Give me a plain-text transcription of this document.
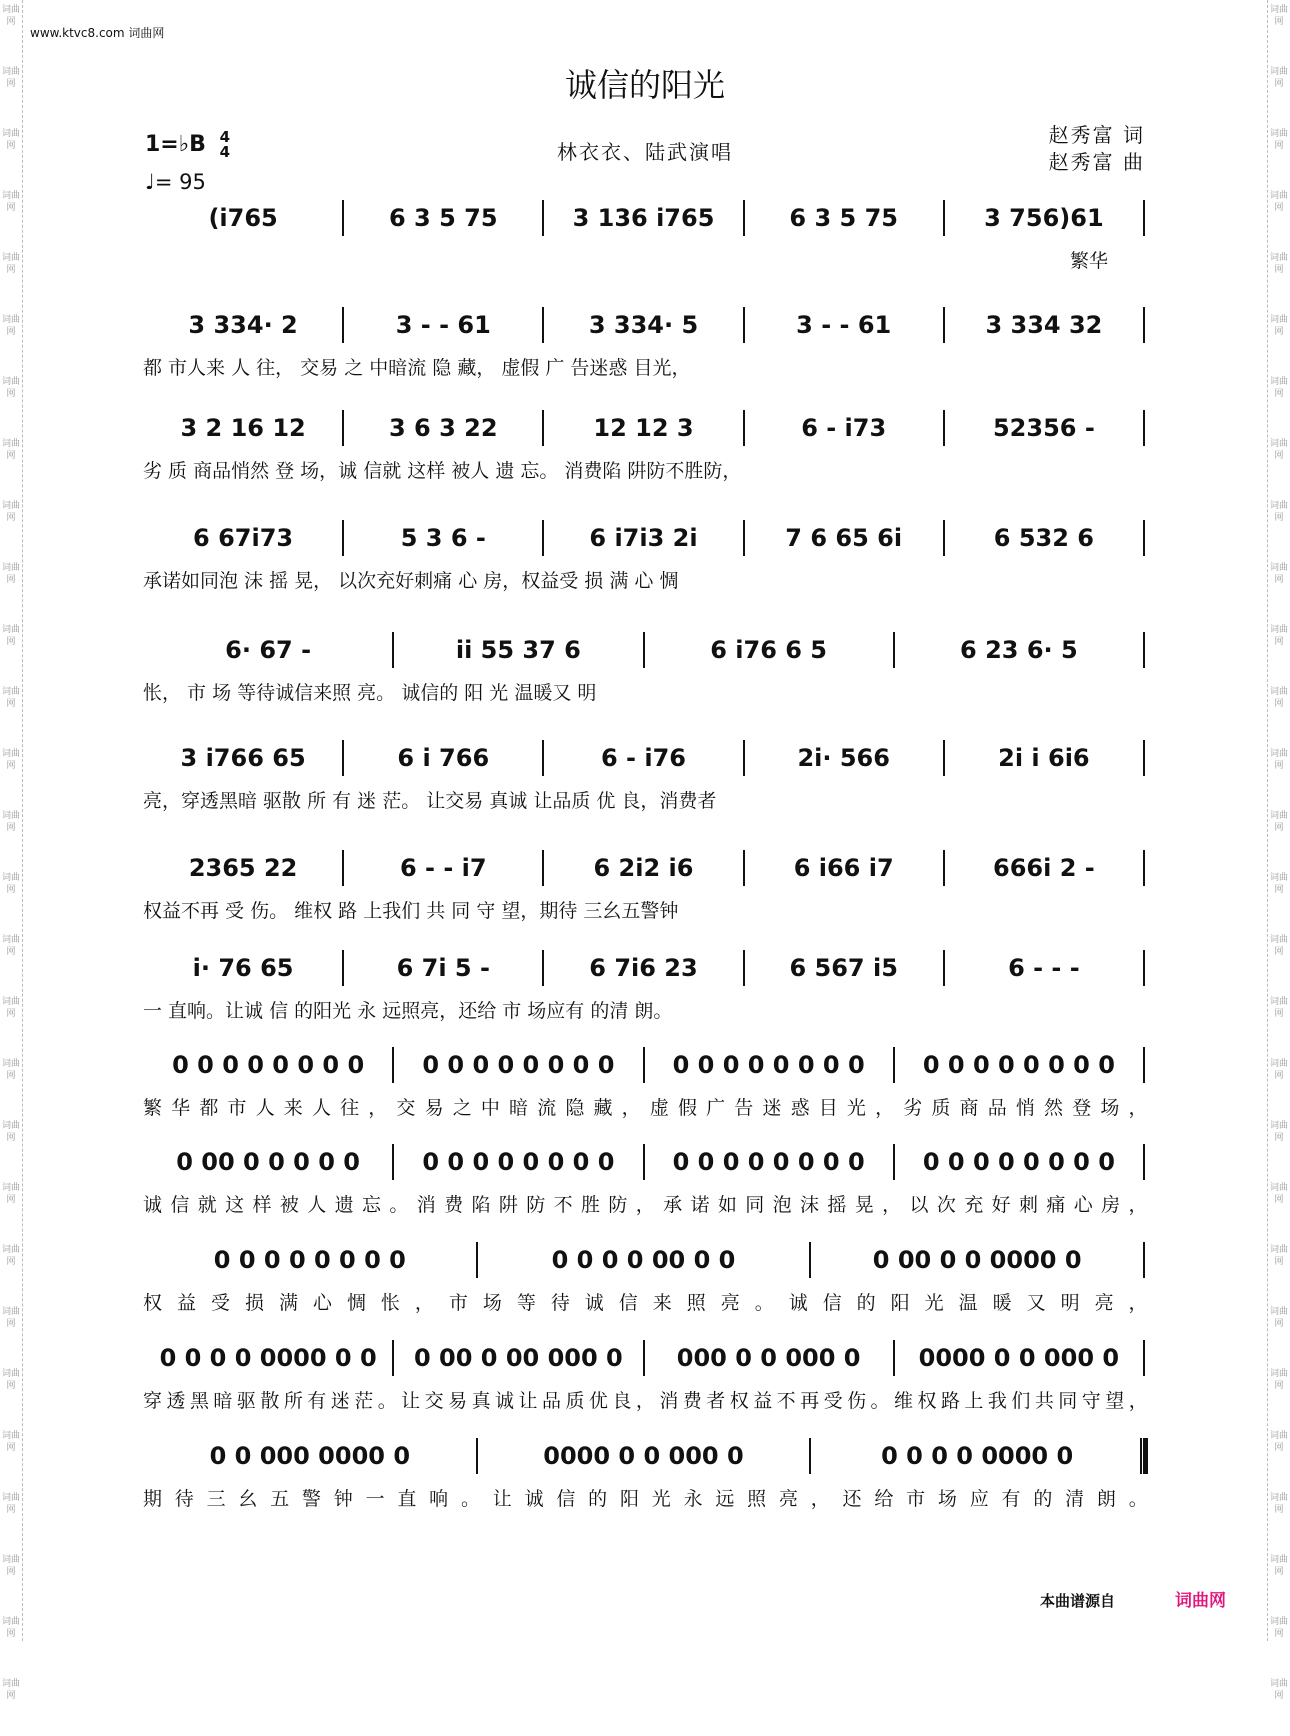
词曲网
词曲网
词曲网
词曲网
词曲网
词曲网
词曲网
词曲网
词曲网
词曲网
词曲网
词曲网
词曲网
词曲网
词曲网
词曲网
词曲网
词曲网
词曲网
词曲网
词曲网
词曲网
词曲网
词曲网
词曲网
词曲网
词曲网
词曲网
词曲网
词曲网
词曲网
词曲网
词曲网
词曲网
词曲网
词曲网
词曲网
词曲网
词曲网
词曲网
词曲网
词曲网
词曲网
词曲网
词曲网
词曲网
词曲网
词曲网
词曲网
词曲网
词曲网
词曲网
词曲网
词曲网
词曲网
词曲网
www.ktvc8.com 词曲网
诚信的阳光
1=♭B 4
4
♩= 95
林衣衣、陆武演唱
赵秀富 词
赵秀富 曲
(i765	6 3 5 75	3 136 i765	6 3 5 75	3 756)61
繁华
3 334· 2	3 - - 61	3 334· 5	3 - - 61	3 334 32
都 市人来 人 往， 交易 之 中暗流 隐 藏， 虚假 广 告迷惑 目光，
3 2 16 12	3 6 3 22	12 12 3	6 - i73	52356 -
劣 质 商品悄然 登 场，诚 信就 这样 被人 遗 忘。 消费陷 阱防不胜防，
6 67i73	5 3 6 -	6 i7i3 2i	7 6 65 6i	6 532 6
承诺如同泡 沫 摇 晃， 以次充好刺痛 心 房，权益受 损 满 心 惆
6· 67 -	ii 55 37 6	6 i76 6 5	6 23 6· 5
怅， 市 场 等待诚信来照 亮。 诚信的 阳 光 温暖又 明
3 i766 65	6 i 766	6 - i76	2i· 566	2i i 6i6
亮，穿透黑暗 驱散 所 有 迷 茫。 让交易 真诚 让品质 优 良，消费者
2365 22	6 - - i7	6 2i2 i6	6 i66 i7	666i 2 -
权益不再 受 伤。 维权 路 上我们 共 同 守 望，期待 三幺五警钟
i· 76 65	6 7i 5 -	6 7i6 23	6 567 i5	6 - - -
一 直响。让诚 信 的阳光 永 远照亮，还给 市 场应有 的清 朗。
0 0 0 0 0 0 0 0	0 0 0 0 0 0 0 0	0 0 0 0 0 0 0 0	0 0 0 0 0 0 0 0
繁 华 都 市 人 来 人 往 ， 交 易 之 中 暗 流 隐 藏 ， 虚 假 广 告 迷 惑 目 光 ， 劣 质 商 品 悄 然 登 场 ，
0 00 0 0 0 0 0	0 0 0 0 0 0 0 0	0 0 0 0 0 0 0 0	0 0 0 0 0 0 0 0
诚 信 就 这 样 被 人 遗 忘 。 消 费 陷 阱 防 不 胜 防 ， 承 诺 如 同 泡 沫 摇 晃 ， 以 次 充 好 刺 痛 心 房 ，
0 0 0 0 0 0 0 0	0 0 0 0 00 0 0	0 00 0 0 0000 0
权 益 受 损 满 心 惆 怅 ， 市 场 等 待 诚 信 来 照 亮 。 诚 信 的 阳 光 温 暖 又 明 亮 ，
0 0 0 0 0000 0 0	0 00 0 00 000 0	000 0 0 000 0	0000 0 0 000 0
穿 透 黑 暗 驱 散 所 有 迷 茫 。 让 交 易 真 诚 让 品 质 优 良 ， 消 费 者 权 益 不 再 受 伤 。 维 权 路 上 我 们 共 同 守 望 ，
0 0 000 0000 0	0000 0 0 000 0	0 0 0 0 0000 0
期 待 三 幺 五 警 钟 一 直 响 。 让 诚 信 的 阳 光 永 远 照 亮 ， 还 给 市 场 应 有 的 清 朗 。
本曲谱源自	词曲网
